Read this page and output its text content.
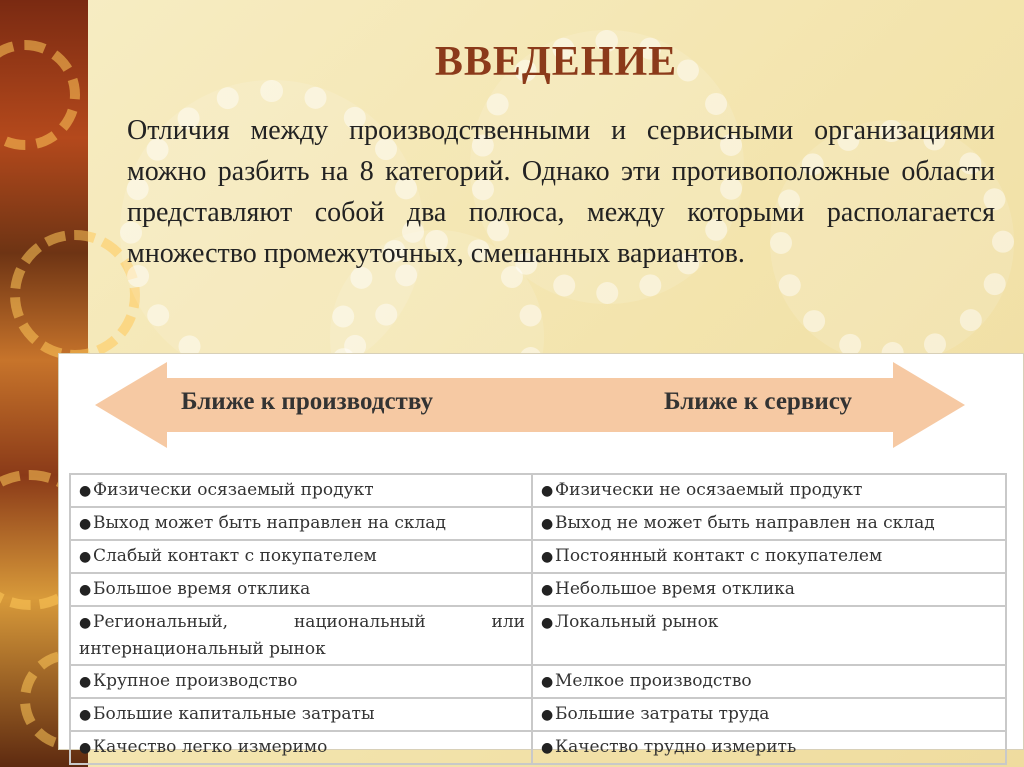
ВВЕДЕНИЕ
Отличия между производственными и сервисными организациями можно разбить на 8 категорий. Однако эти противоположные области представляют собой два полюса, между которыми располагается множество промежуточных, смешанных вариантов.
Ближе к производству	Ближе к сервису
● Физически осязаемый продукт	● Физически не осязаемый продукт
● Выход может быть направлен на склад	● Выход не может быть направлен на склад
● Слабый контакт с покупателем	● Постоянный контакт с покупателем
● Большое время отклика	● Небольшое время отклика
● Региональный, национальный или интернациональный рынок	● Локальный рынок
● Крупное производство	● Мелкое производство
● Большие капитальные затраты	● Большие затраты труда
● Качество легко измеримо	● Качество трудно измерить
